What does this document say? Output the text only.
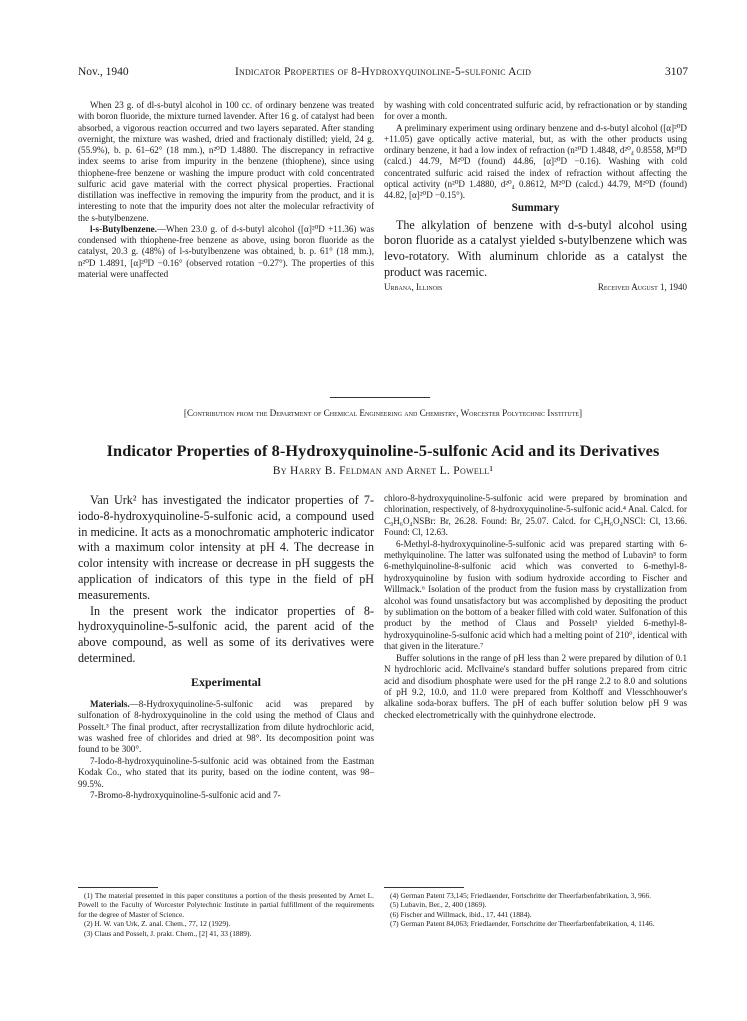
Nov., 1940	Indicator Properties of 8-Hydroxyquinoline-5-sulfonic Acid	3107

When 23 g. of dl-s-butyl alcohol in 100 cc. of ordinary benzene was treated with boron fluoride, the mixture turned lavender. After 16 g. of catalyst had been absorbed, a vigorous reaction occurred and two layers separated. After standing overnight, the mixture was washed, dried and fractionaly distilled; yield, 24 g. (55.9%), b. p. 61–62° (18 mm.), n²⁰D 1.4880. The discrepancy in refractive index seems to arise from impurity in the benzene (thiophene), since using thiophene-free benzene or washing the impure product with cold concentrated sulfuric acid gave material with the correct physical properties. Fractional distillation was ineffective in removing the impurity from the product, and it is interesting to note that the impurity does not alter the molecular refractivity of the s-butylbenzene.

l-s-Butylbenzene.—When 23.0 g. of d-s-butyl alcohol ([α]²⁰D +11.36) was condensed with thiophene-free benzene as above, using boron fluoride as the catalyst, 20.3 g. (48%) of l-s-butylbenzene was obtained, b. p. 61° (18 mm.), n²⁰D 1.4891, [α]²⁰D −0.16° (observed rotation −0.27°). The properties of this material were unaffected

by washing with cold concentrated sulfuric acid, by refractionation or by standing for over a month.

A preliminary experiment using ordinary benzene and d-s-butyl alcohol ([α]²⁰D +11.05) gave optically active material, but, as with the other products using ordinary benzene, it had a low index of refraction (n²⁰D 1.4848, d²⁰₄ 0.8558, M²⁰D (calcd.) 44.79, M²⁰D (found) 44.86, [α]²⁰D −0.16). Washing with cold concentrated sulfuric acid raised the index of refraction without affecting the optical activity (n²⁰D 1.4880, d²⁰₄ 0.8612, M²⁰D (calcd.) 44.79, M²⁰D (found) 44.82, [α]²⁰D −0.15°).

Summary

The alkylation of benzene with d-s-butyl alcohol using boron fluoride as a catalyst yielded s-butylbenzene which was levo-rotatory. With aluminum chloride as a catalyst the product was racemic.

Urbana, Illinois	Received August 1, 1940
[Contribution from the Department of Chemical Engineering and Chemistry, Worcester Polytechnic Institute]
Indicator Properties of 8-Hydroxyquinoline-5-sulfonic Acid and its Derivatives
By Harry B. Feldman and Arnet L. Powell¹

Van Urk² has investigated the indicator properties of 7-iodo-8-hydroxyquinoline-5-sulfonic acid, a compound used in medicine. It acts as a monochromatic amphoteric indicator with a maximum color intensity at pH 4. The decrease in color intensity with increase or decrease in pH suggests the application of indicators of this type in the field of pH measurements.

In the present work the indicator properties of 8-hydroxyquinoline-5-sulfonic acid, the parent acid of the above compound, as well as some of its derivatives were determined.

Experimental

Materials.—8-Hydroxyquinoline-5-sulfonic acid was prepared by sulfonation of 8-hydroxyquinoline in the cold using the method of Claus and Posselt.³ The final product, after recrystallization from dilute hydrochloric acid, was washed free of chlorides and dried at 98°. Its decomposition point was found to be 300°.

7-Iodo-8-hydroxyquinoline-5-sulfonic acid was obtained from the Eastman Kodak Co., who stated that its purity, based on the iodine content, was 98–99.5%.

7-Bromo-8-hydroxyquinoline-5-sulfonic acid and 7-

chloro-8-hydroxyquinoline-5-sulfonic acid were prepared by bromination and chlorination, respectively, of 8-hydroxyquinoline-5-sulfonic acid.⁴ Anal. Calcd. for C₉H₆O₄NSBr: Br, 26.28. Found: Br, 25.07. Calcd. for C₉H₆O₄NSCl: Cl, 13.66. Found: Cl, 12.63.

6-Methyl-8-hydroxyquinoline-5-sulfonic acid was prepared starting with 6-methylquinoline. The latter was sulfonated using the method of Lubavin⁵ to form 6-methylquinoline-8-sulfonic acid which was converted to 6-methyl-8-hydroxyquinoline by fusion with sodium hydroxide according to Fischer and Willmack.⁶ Isolation of the product from the fusion mass by crystallization from alcohol was found unsatisfactory but was accomplished by depositing the product by sublimation on the bottom of a beaker filled with cold water. Sulfonation of this product by the method of Claus and Posselt³ yielded 6-methyl-8-hydroxyquinoline-5-sulfonic acid which had a melting point of 210°, identical with that given in the literature.⁷

Buffer solutions in the range of pH less than 2 were prepared by dilution of 0.1 N hydrochloric acid. McIlvaine's standard buffer solutions prepared from citric acid and disodium phosphate were used for the pH range 2.2 to 8.0 and solutions of pH 9.2, 10.0, and 11.0 were prepared from Kolthoff and Vlesschhouwer's alkaline soda-borax buffers. The pH of each buffer solution below pH 9 was checked electrometrically with the quinhydrone electrode.

(1) The material presented in this paper constitutes a portion of the thesis presented by Arnet L. Powell to the Faculty of Worcester Polytechnic Institute in partial fulfillment of the requirements for the degree of Master of Science.

(2) H. W. van Urk, Z. anal. Chem., 77, 12 (1929).

(3) Claus and Posselt, J. prakt. Chem., [2] 41, 33 (1889).

(4) German Patent 73,145; Friedlaender, Fortschritte der Theerfarbenfabrikation, 3, 966.

(5) Lubavin, Ber., 2, 400 (1869).

(6) Fischer and Willmack, ibid., 17, 441 (1884).

(7) German Patent 84,063; Friedlaender, Fortschritte der Theerfarbenfabrikation, 4, 1146.
